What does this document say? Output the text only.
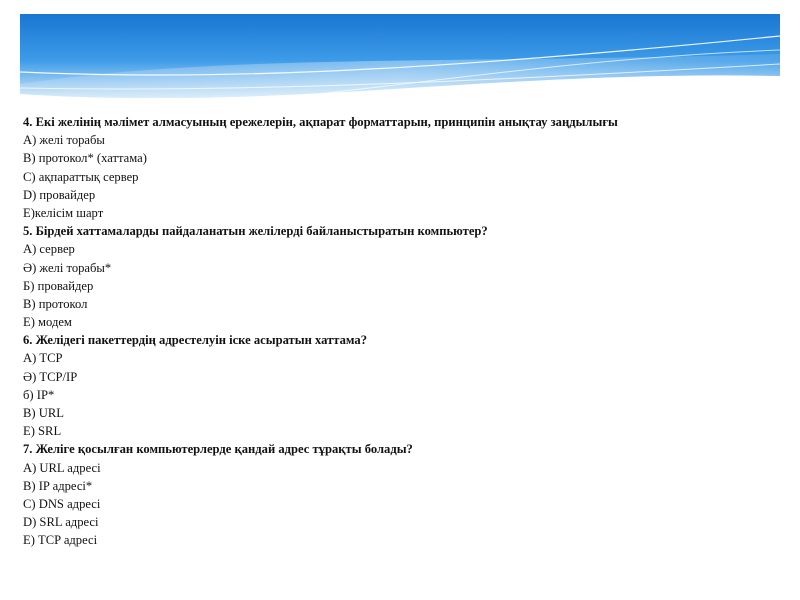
4. Екі желінің мәлімет алмасуының ережелерін, ақпарат форматтарын, принципін анықтау заңдылығы
А) желі торабы
В) протокол* (хаттама)
С) ақпараттық сервер
D) провайдер
Е)келісім шарт
5. Бірдей хаттамаларды пайдаланатын желілерді байланыстыратын компьютер?
А) сервер
Ә) желі торабы*
Б) провайдер
В) протокол
Е) модем
6. Желідегі пакеттердің адрестелуін іске асыратын хаттама?
А) ТСР
Ә) TCP/IP
б) IP*
В) URL
Е) SRL
7. Желіге қосылған компьютерлерде қандай адрес тұрақты болады?
А) URL адресі
B) IP адресі*
С) DNS адресі
D) SRL адресі
Е) TCP адресі
